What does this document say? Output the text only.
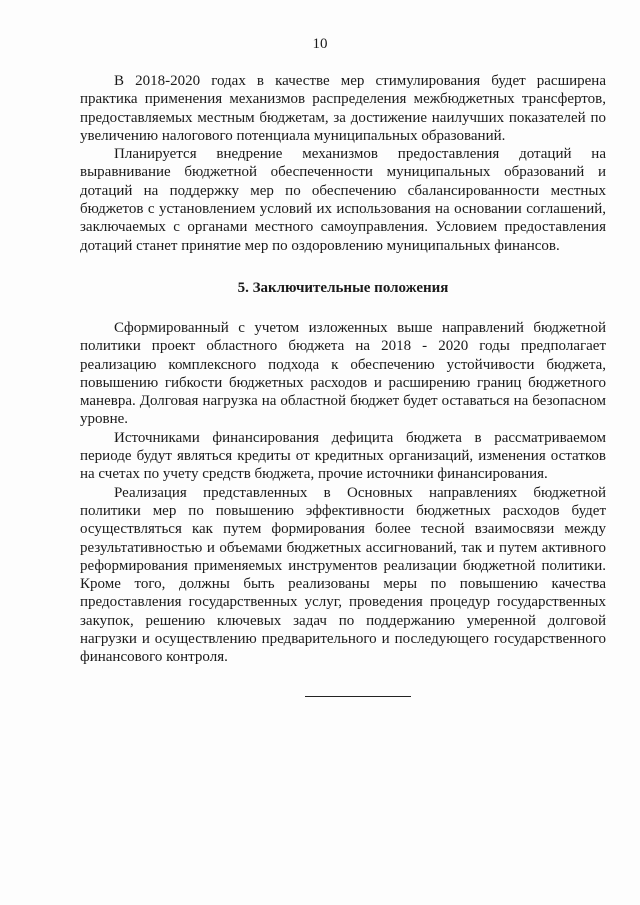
10

В 2018-2020 годах в качестве мер стимулирования будет расширена практика применения механизмов распределения межбюджетных трансфертов, предоставляемых местным бюджетам, за достижение наилучших показателей по увеличению налогового потенциала муниципальных образований.

Планируется внедрение механизмов предоставления дотаций на выравнивание бюджетной обеспеченности муниципальных образований и дотаций на поддержку мер по обеспечению сбалансированности местных бюджетов с установлением условий их использования на основании соглашений, заключаемых с органами местного самоуправления. Условием предоставления дотаций станет принятие мер по оздоровлению муниципальных финансов.

5. Заключительные положения

Сформированный с учетом изложенных выше направлений бюджетной политики проект областного бюджета на 2018 - 2020 годы предполагает реализацию комплексного подхода к обеспечению устойчивости бюджета, повышению гибкости бюджетных расходов и расширению границ бюджетного маневра. Долговая нагрузка на областной бюджет будет оставаться на безопасном уровне.

Источниками финансирования дефицита бюджета в рассматриваемом периоде будут являться кредиты от кредитных организаций, изменения остатков на счетах по учету средств бюджета, прочие источники финансирования.

Реализация представленных в Основных направлениях бюджетной политики мер по повышению эффективности бюджетных расходов будет осуществляться как путем формирования более тесной взаимосвязи между результативностью и объемами бюджетных ассигнований, так и путем активного реформирования применяемых инструментов реализации бюджетной политики. Кроме того, должны быть реализованы меры по повышению качества предоставления государственных услуг, проведения процедур государственных закупок, решению ключевых задач по поддержанию умеренной долговой нагрузки и осуществлению предварительного и последующего государственного финансового контроля.
